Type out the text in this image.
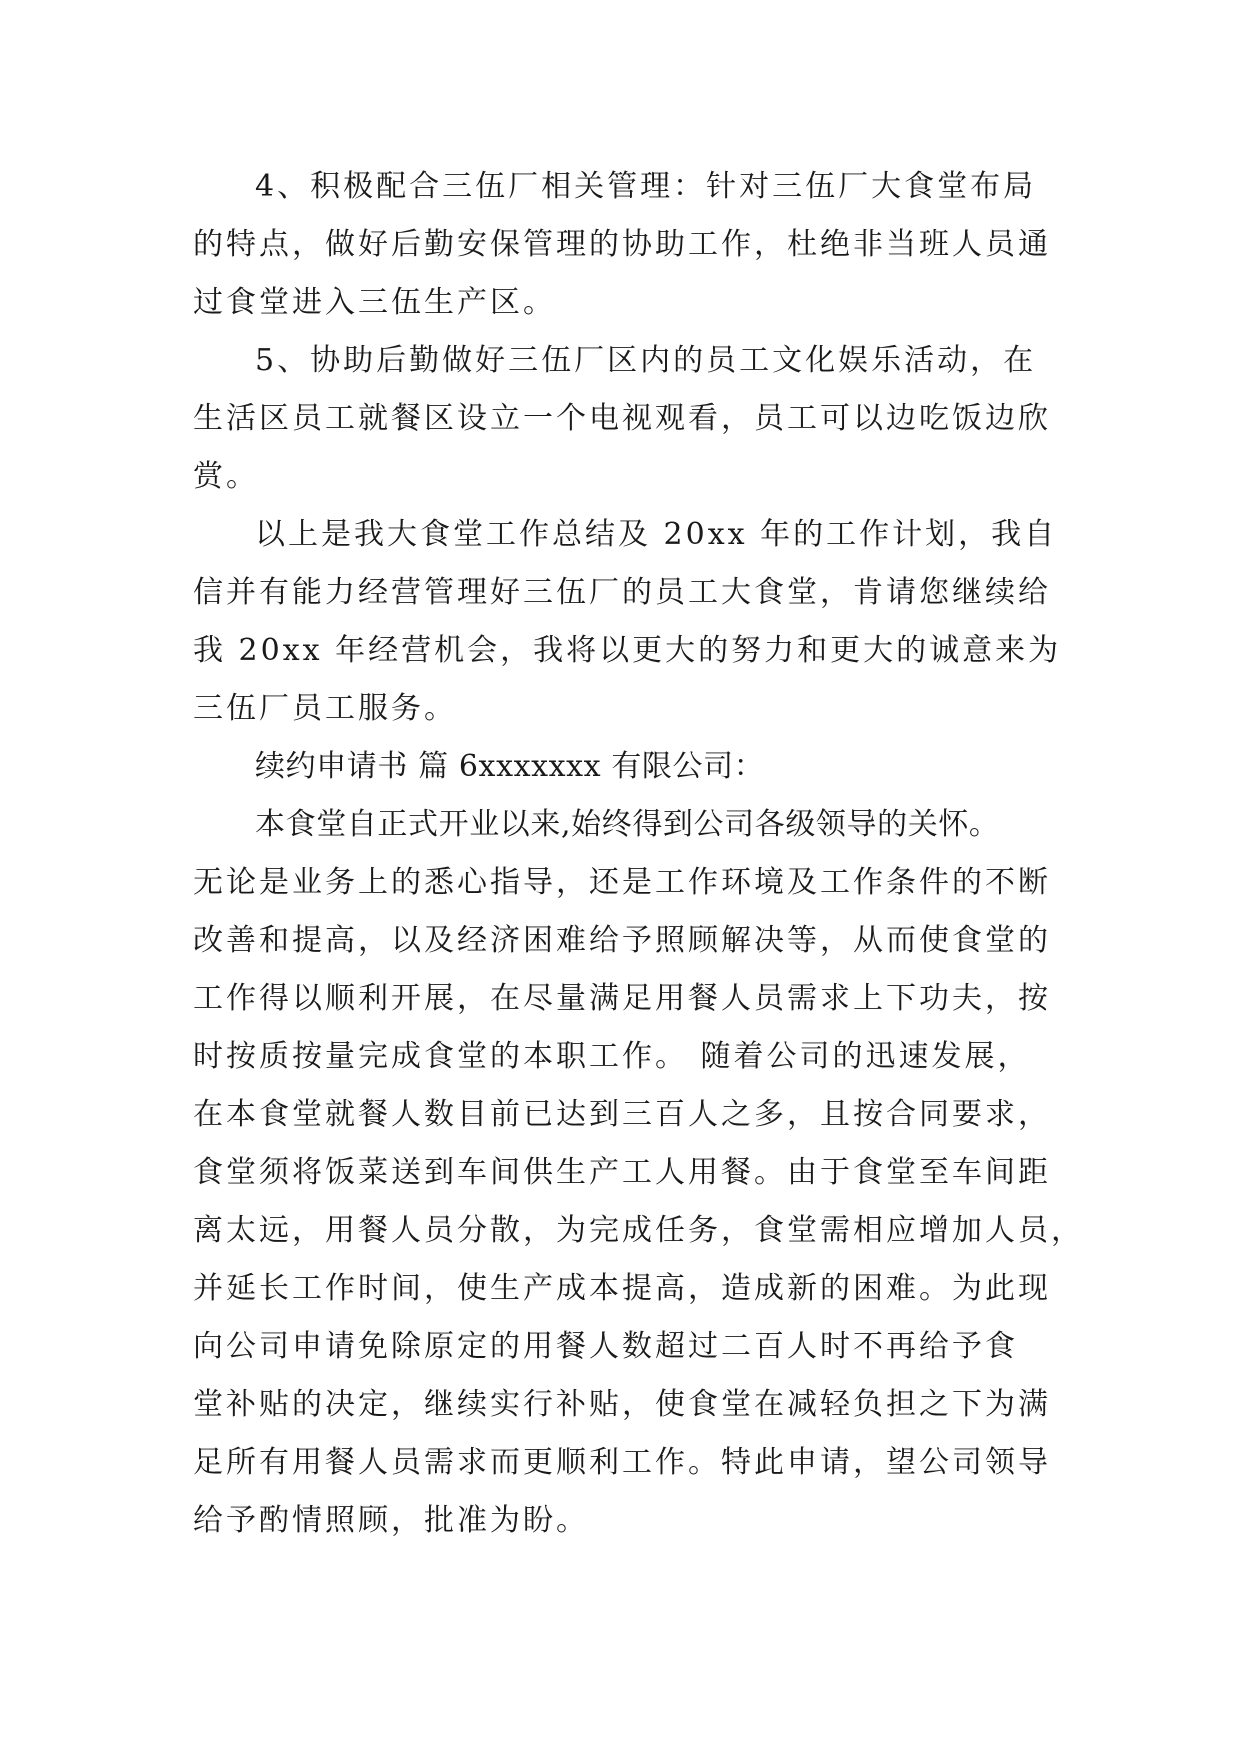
4、积极配合三伍厂相关管理：针对三伍厂大食堂布局
的特点，做好后勤安保管理的协助工作，杜绝非当班人员通
过食堂进入三伍生产区。
5、协助后勤做好三伍厂区内的员工文化娱乐活动，在
生活区员工就餐区设立一个电视观看，员工可以边吃饭边欣
赏。
以上是我大食堂工作总结及 20xx 年的工作计划，我自
信并有能力经营管理好三伍厂的员工大食堂，肯请您继续给
我 20xx 年经营机会，我将以更大的努力和更大的诚意来为
三伍厂员工服务。
续约申请书 篇 6xxxxxxx 有限公司：
本食堂自正式开业以来,始终得到公司各级领导的关怀。
无论是业务上的悉心指导，还是工作环境及工作条件的不断
改善和提高，以及经济困难给予照顾解决等，从而使食堂的
工作得以顺利开展，在尽量满足用餐人员需求上下功夫，按
时按质按量完成食堂的本职工作。 随着公司的迅速发展，
在本食堂就餐人数目前已达到三百人之多，且按合同要求，
食堂须将饭菜送到车间供生产工人用餐。由于食堂至车间距
离太远，用餐人员分散，为完成任务，食堂需相应增加人员，
并延长工作时间，使生产成本提高，造成新的困难。为此现
向公司申请免除原定的用餐人数超过二百人时不再给予食
堂补贴的决定，继续实行补贴，使食堂在减轻负担之下为满
足所有用餐人员需求而更顺利工作。特此申请，望公司领导
给予酌情照顾，批准为盼。
